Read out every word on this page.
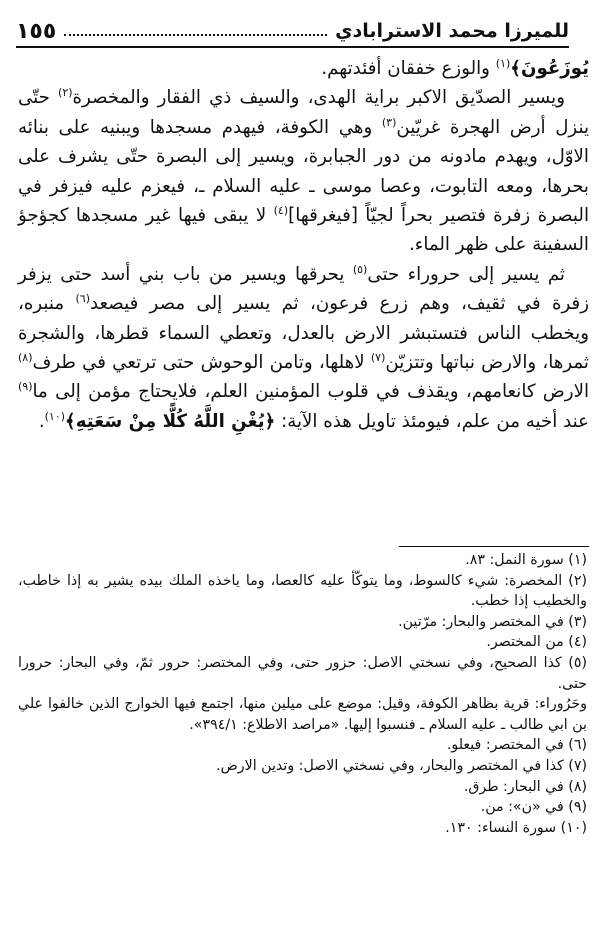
للميرزا محمد الاسترابادي
١٥٥

يُوزَعُونَ﴾$^{(١)}$ والوزع خفقان أفئدتهم.

ويسير الصدّيق الاكبر براية الهدى، والسيف ذي الفقار والمخصرة$^{(٢)}$ حتّى ينزل أرض الهجرة غريّين$^{(٣)}$ وهي الكوفة، فيهدم مسجدها ويبنيه على بنائه الاوّل، ويهدم مادونه من دور الجبابرة، ويسير إلى البصرة حتّى يشرف على بحرها، ومعه التابوت، وعصا موسى ـ عليه السلام ـ، فيعزم عليه فيزفر في البصرة زفرة فتصير بحراً لجيّاً [فيغرقها]$^{(٤)}$ لا يبقى فيها غير مسجدها كجؤجؤ السفينة على ظهر الماء.

ثم يسير إلى حروراء حتى$^{(٥)}$ يحرقها ويسير من باب بني أسد حتى يزفر زفرة في ثقيف، وهم زرع فرعون، ثم يسير إلى مصر فيصعد$^{(٦)}$ منبره، ويخطب الناس فتستبشر الارض بالعدل، وتعطي السماء قطرها، والشجرة ثمرها، والارض نباتها وتتزيّن$^{(٧)}$ لاهلها، وتامن الوحوش حتى ترتعي في طرف$^{(٨)}$ الارض كانعامهم، ويقذف في قلوب المؤمنين العلم، فلايحتاج مؤمن إلى ما$^{(٩)}$ عند أخيه من علم، فيومئذ تاويل هذه الآية: ﴿يُغْنِ اللَّهُ كُلًّا مِنْ سَعَتِهِ﴾$^{(١٠)}$.

(١) سورة النمل: ٨٣.

(٢) المخصرة: شيء كالسوط، وما يتوكّأ عليه كالعصا، وما ياخذه الملك بيده يشير به إذا خاطب، والخطيب إذا خطب.

(٣) في المختصر والبحار: مرّتين.

(٤) من المختصر.

(٥) كذا الصحيح، وفي نسختي الاصل: حزور حتى، وفي المختصر: حرور ثمّ، وفي البحار: حرورا حتى.

وحَرُوراء: قرية بظاهر الكوفة، وقيل: موضع على ميلين منها، اجتمع فيها الخوارج الذين خالفوا علي بن ابي طالب ـ عليه السلام ـ فنسبوا إليها. «مراصد الاطلاع: ٣٩٤/١».

(٦) في المختصر: فيعلو.

(٧) كذا في المختصر والبحار، وفي نسختي الاصل: وتدين الارض.

(٨) في البحار: طرق.

(٩) في «ن»: من.

(١٠) سورة النساء: ١٣٠.
